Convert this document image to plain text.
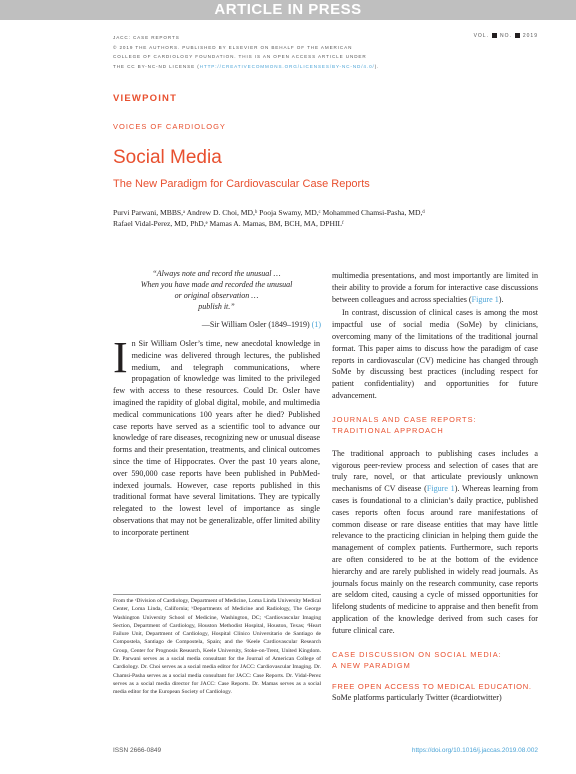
ARTICLE IN PRESS
JACC: CASE REPORTS
© 2019 THE AUTHORS. PUBLISHED BY ELSEVIER ON BEHALF OF THE AMERICAN
COLLEGE OF CARDIOLOGY FOUNDATION. THIS IS AN OPEN ACCESS ARTICLE UNDER
THE CC BY-NC-ND LICENSE (HTTP://CREATIVECOMMONS.ORG/LICENSES/BY-NC-ND/4.0/).
VOL. NO. 2019
VIEWPOINT
VOICES OF CARDIOLOGY
Social Media
The New Paradigm for Cardiovascular Case Reports
Purvi Parwani, MBBS,ᵃ Andrew D. Choi, MD,ᵇ Pooja Swamy, MD,ᶜ Mohammed Chamsi-Pasha, MD,ᵈ
Rafael Vidal-Perez, MD, PhD,ᵉ Mamas A. Mamas, BM, BCH, MA, DPHILᶠ
“Always note and record the unusual …
When you have made and recorded the unusual
or original observation …
publish it.”
—Sir William Osler (1849–1919) (1)
In Sir William Osler’s time, new anecdotal knowledge in medicine was delivered through lectures, the published medium, and telegraph communications, where propagation of knowledge was limited to the privileged few with access to these resources. Could Dr. Osler have imagined the rapidity of global digital, mobile, and multimedia medical communications 100 years after he died? Published case reports have served as a scientific tool to advance our knowledge of rare diseases, recognizing new or unusual disease forms and their presentation, treatments, and clinical outcomes since the time of Hippocrates. Over the past 10 years alone, over 590,000 case reports have been published in PubMed-indexed journals. However, case reports published in this traditional format have several limitations. They are typically relegated to the lowest level of importance as single observations that may not be generalizable, offer limited ability to incorporate pertinent
From the ᵃDivision of Cardiology, Department of Medicine, Loma Linda University Medical Center, Loma Linda, California; ᵇDepartments of Medicine and Radiology, The George Washington University School of Medicine, Washington, DC; ᶜCardiovascular Imaging Section, Department of Cardiology, Houston Methodist Hospital, Houston, Texas; ᵈHeart Failure Unit, Department of Cardiology, Hospital Clínico Universitario de Santiago de Compostela, Santiago de Compostela, Spain; and the ᶠKeele Cardiovascular Research Group, Center for Prognosis Research, Keele University, Stoke-on-Trent, United Kingdom. Dr. Parwani serves as a social media consultant for the Journal of American College of Cardiology. Dr. Choi serves as a social media editor for JACC: Cardiovascular Imaging. Dr. Chamsi-Pasha serves as a social media consultant for JACC: Case Reports. Dr. Vidal-Perez serves as a social media director for JACC: Case Reports. Dr. Mamas serves as a social media editor for the European Society of Cardiology.
multimedia presentations, and most importantly are limited in their ability to provide a forum for interactive case discussions between colleagues and across specialties (Figure 1).
In contrast, discussion of clinical cases is among the most impactful use of social media (SoMe) by clinicians, overcoming many of the limitations of the traditional journal format. This paper aims to discuss how the paradigm of case reports in cardiovascular (CV) medicine has changed through SoMe by discussing best practices (including respect for patient confidentiality) and opportunities for future advancement.
JOURNALS AND CASE REPORTS:
TRADITIONAL APPROACH
The traditional approach to publishing cases includes a vigorous peer-review process and selection of cases that are truly rare, novel, or that articulate previously unknown mechanisms of CV disease (Figure 1). Whereas learning from cases is foundational to a clinician’s daily practice, published cases reports often focus around rare manifestations of common disease or rare disease entities that may have little relevance to the practicing clinician in helping them guide the management of complex patients. Furthermore, such reports are often considered to be at the bottom of the evidence hierarchy and are rarely published in widely read journals. As journals focus mainly on the research community, case reports are seldom cited, causing a cycle of missed opportunities for lifelong students of medicine to appraise and then benefit from application of the knowledge derived from such cases for future clinical care.
CASE DISCUSSION ON SOCIAL MEDIA:
A NEW PARADIGM
FREE OPEN ACCESS TO MEDICAL EDUCATION.
SoMe platforms particularly Twitter (#cardiotwitter)
ISSN 2666-0849	https://doi.org/10.1016/j.jaccas.2019.08.002
